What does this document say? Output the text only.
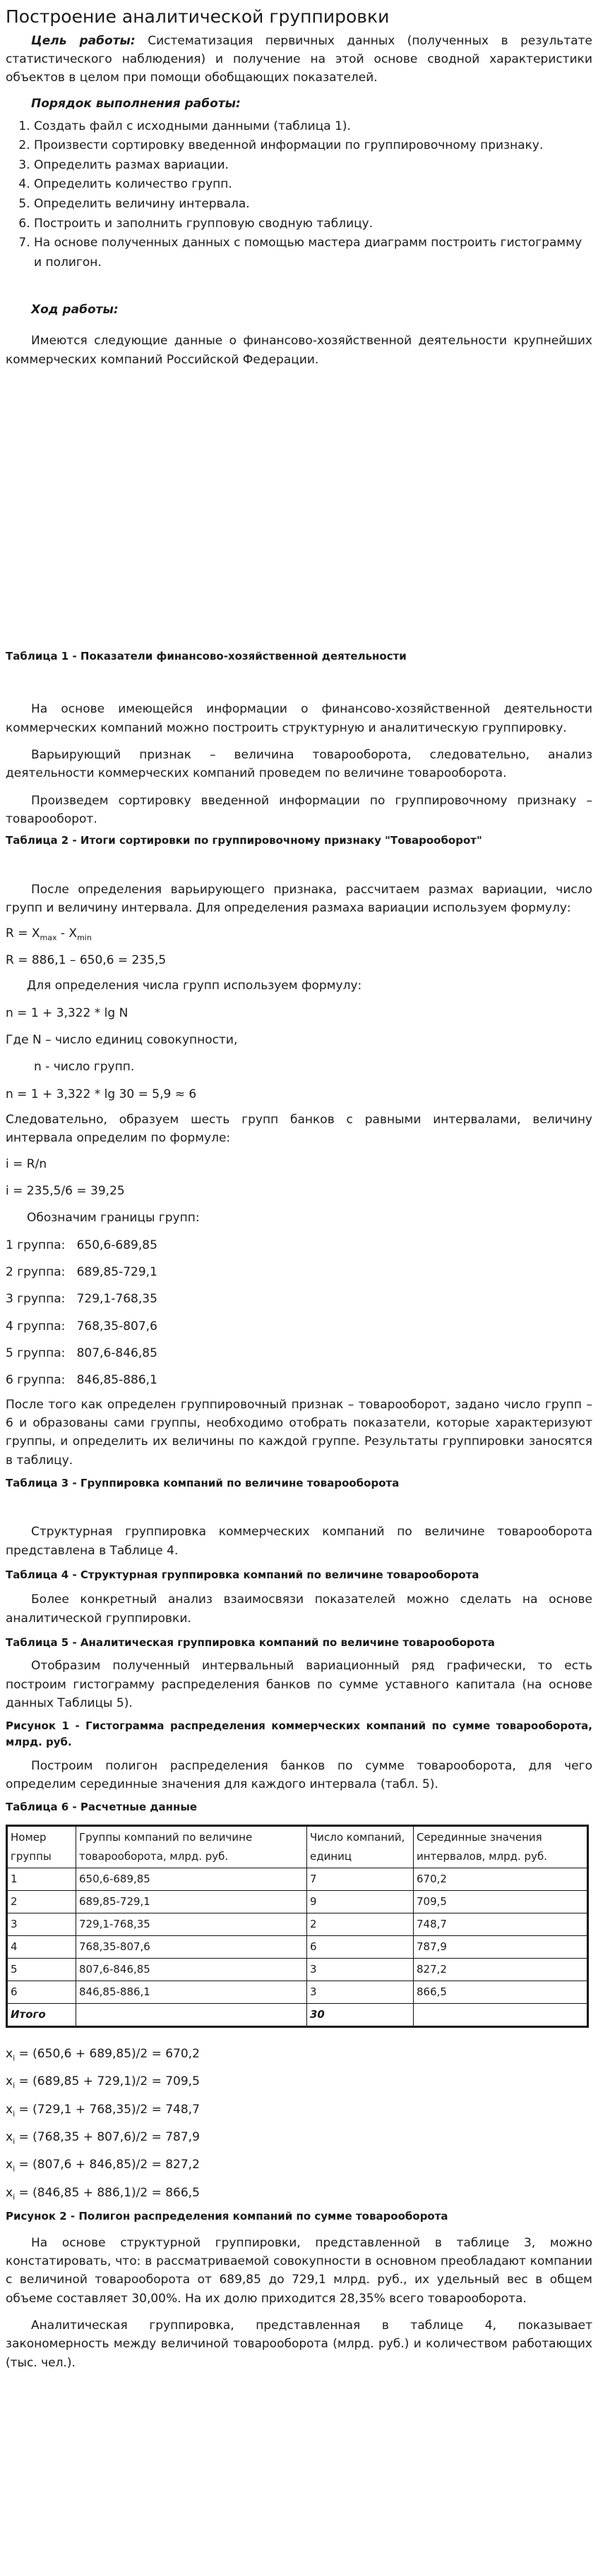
Построение аналитической группировки

Цель работы: Систематизация первичных данных (полученных в результате статистического наблюдения) и получение на этой основе сводной характеристики объектов в целом при помощи обобщающих показателей.

Порядок выполнения работы:

1. Создать файл с исходными данными (таблица 1).
2. Произвести сортировку введенной информации по группировочному признаку.
3. Определить размах вариации.
4. Определить количество групп.
5. Определить величину интервала.
6. Построить и заполнить групповую сводную таблицу.
7. На основе полученных данных с помощью мастера диаграмм построить гистограмму и полигон.

Ход работы:

Имеются следующие данные о финансово-хозяйственной деятельности крупнейших коммерческих компаний Российской Федерации.

Таблица 1 - Показатели финансово-хозяйственной деятельности

На основе имеющейся информации о финансово-хозяйственной деятельности коммерческих компаний можно построить структурную и аналитическую группировку.

Варьирующий признак – величина товарооборота, следовательно, анализ деятельности коммерческих компаний проведем по величине товарооборота.

Произведем сортировку введенной информации по группировочному признаку – товарооборот.

Таблица 2 - Итоги сортировки по группировочному признаку "Товарооборот"

После определения варьирующего признака, рассчитаем размах вариации, число групп и величину интервала. Для определения размаха вариации используем формулу:

$R = X_{max} - X_{min}$

R = 886,1 – 650,6 = 235,5

Для определения числа групп используем формулу:

n = 1 + 3,322 * lg N

Где N – число единиц совокупности,

n - число групп.

n = 1 + 3,322 * lg 30 = 5,9 ≈ 6

Следовательно, образуем шесть групп банков с равными интервалами, величину интервала определим по формуле:

i = R/n

i = 235,5/6 = 39,25

Обозначим границы групп:

1 группа: 650,6-689,85

2 группа: 689,85-729,1

3 группа: 729,1-768,35

4 группа: 768,35-807,6

5 группа: 807,6-846,85

6 группа: 846,85-886,1

После того как определен группировочный признак – товарооборот, задано число групп – 6 и образованы сами группы, необходимо отобрать показатели, которые характеризуют группы, и определить их величины по каждой группе. Результаты группировки заносятся в таблицу.

Таблица 3 - Группировка компаний по величине товарооборота

Структурная группировка коммерческих компаний по величине товарооборота представлена в Таблице 4.

Таблица 4 - Структурная группировка компаний по величине товарооборота

Более конкретный анализ взаимосвязи показателей можно сделать на основе аналитической группировки.

Таблица 5 - Аналитическая группировка компаний по величине товарооборота

Отобразим полученный интервальный вариационный ряд графически, то есть построим гистограмму распределения банков по сумме уставного капитала (на основе данных Таблицы 5).

Рисунок 1 - Гистограмма распределения коммерческих компаний по сумме товарооборота, млрд. руб.

Построим полигон распределения банков по сумме товарооборота, для чего определим серединные значения для каждого интервала (табл. 5).

Таблица 6 - Расчетные данные

Номер группы	Группы компаний по величине товарооборота, млрд. руб.	Число компаний, единиц	Серединные значения интервалов, млрд. руб.
1	650,6-689,85	7	670,2
2	689,85-729,1	9	709,5
3	729,1-768,35	2	748,7
4	768,35-807,6	6	787,9
5	807,6-846,85	3	827,2
6	846,85-886,1	3	866,5
Итого		30	

$x_i = (650,6 + 689,85)/2 = 670,2$

$x_i = (689,85 + 729,1)/2 = 709,5$

$x_i = (729,1 + 768,35)/2 = 748,7$

$x_i = (768,35 + 807,6)/2 = 787,9$

$x_i = (807,6 + 846,85)/2 = 827,2$

$x_i = (846,85 + 886,1)/2 = 866,5$

Рисунок 2 - Полигон распределения компаний по сумме товарооборота

На основе структурной группировки, представленной в таблице 3, можно констатировать, что: в рассматриваемой совокупности в основном преобладают компании с величиной товарооборота от 689,85 до 729,1 млрд. руб., их удельный вес в общем объеме составляет 30,00%. На их долю приходится 28,35% всего товарооборота.

Аналитическая группировка, представленная в таблице 4, показывает закономерность между величиной товарооборота (млрд. руб.) и количеством работающих (тыс. чел.).
